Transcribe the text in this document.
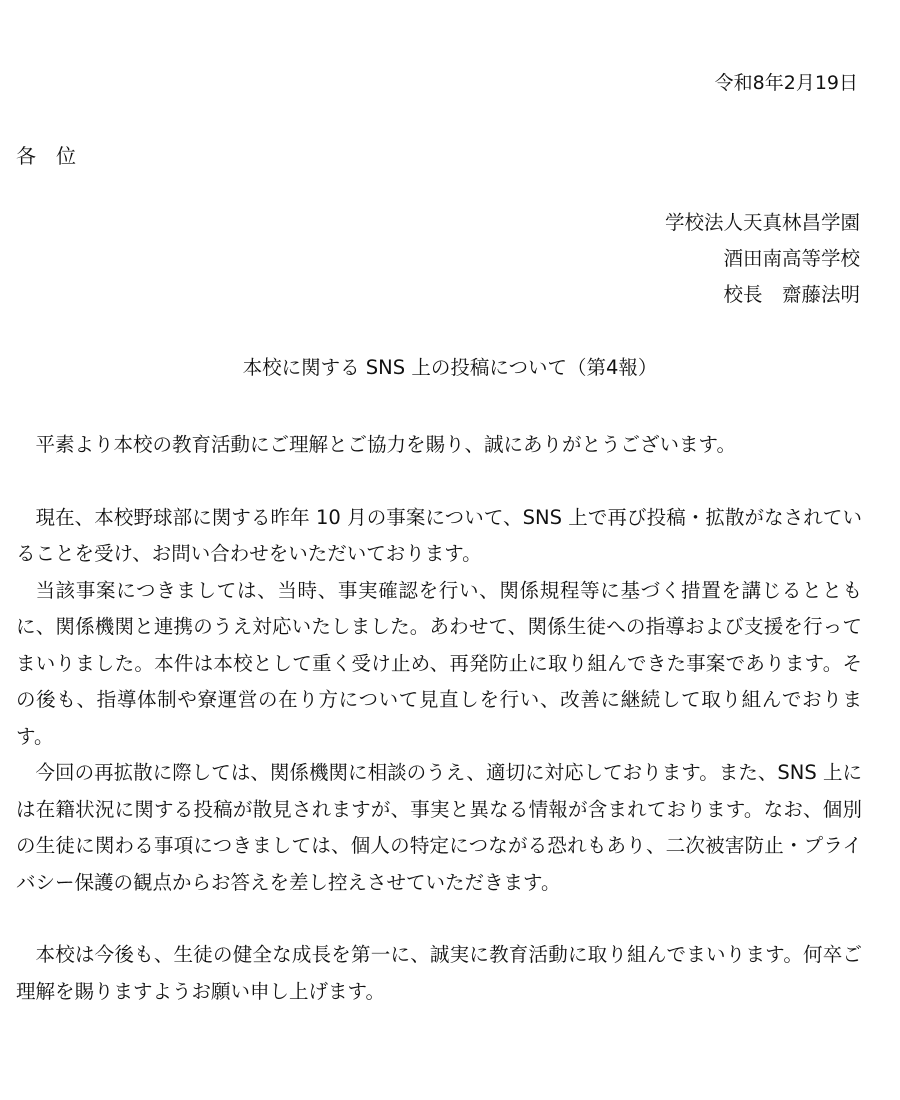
令和8年2月19日
各　位
学校法人天真林昌学園
酒田南高等学校
校長　齋藤法明
本校に関する SNS 上の投稿について（第4報）

平素より本校の教育活動にご理解とご協力を賜り、誠にありがとうございます。

現在、本校野球部に関する昨年 10 月の事案について、SNS 上で再び投稿・拡散がなされていることを受け、お問い合わせをいただいております。

当該事案につきましては、当時、事実確認を行い、関係規程等に基づく措置を講じるとともに、関係機関と連携のうえ対応いたしました。あわせて、関係生徒への指導および支援を行ってまいりました。本件は本校として重く受け止め、再発防止に取り組んできた事案であります。その後も、指導体制や寮運営の在り方について見直しを行い、改善に継続して取り組んでおります。

今回の再拡散に際しては、関係機関に相談のうえ、適切に対応しております。また、SNS 上には在籍状況に関する投稿が散見されますが、事実と異なる情報が含まれております。なお、個別の生徒に関わる事項につきましては、個人の特定につながる恐れもあり、二次被害防止・プライバシー保護の観点からお答えを差し控えさせていただきます。

本校は今後も、生徒の健全な成長を第一に、誠実に教育活動に取り組んでまいります。何卒ご理解を賜りますようお願い申し上げます。
